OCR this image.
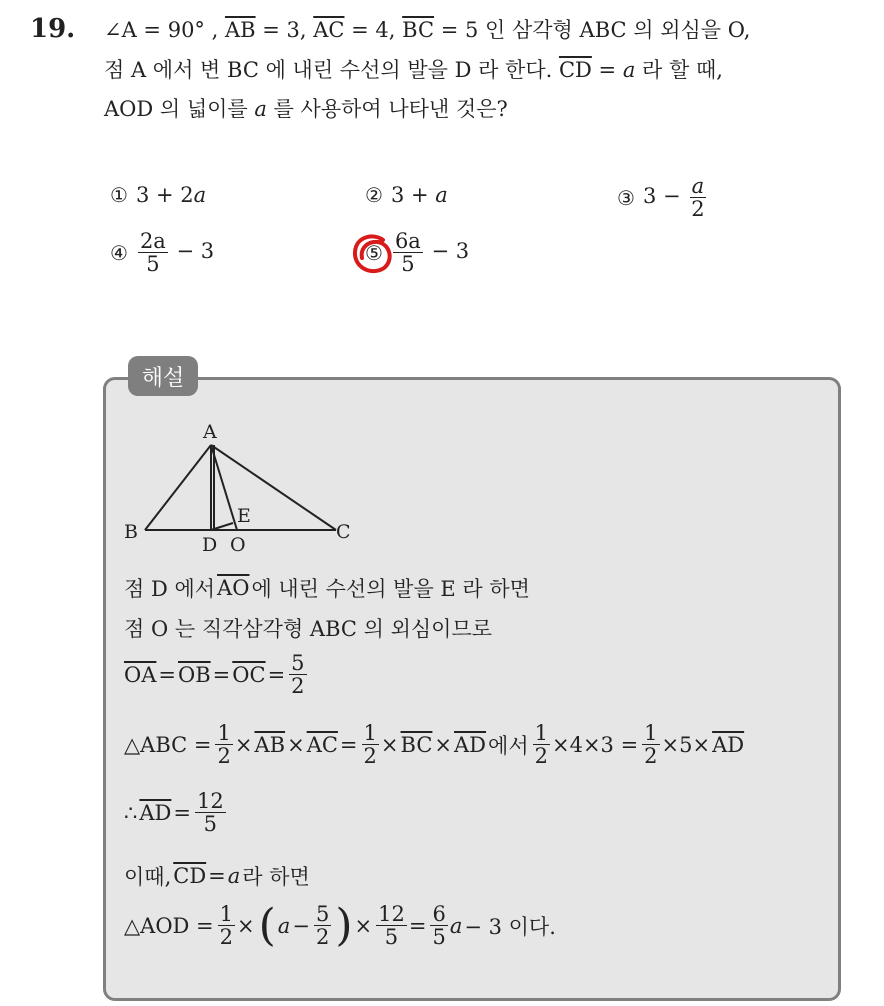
19. ∠A = 90° , $\overline{AB} = 3$, $\overline{AC} = 4$, $\overline{BC} = 5$ 인 삼각형 ABC 의 외심을 O,
점 A 에서 변 BC 에 내린 수선의 발을 D 라 한다. $\overline{CD} = a$ 라 할 때,
AOD 의 넓이를 a 를 사용하여 나타낸 것은?
① 3 + 2a	② 3 + a	③ $3 - \frac{a}{2}$
④ $\frac{2a}{5} - 3$	⑤ $\frac{6a}{5} - 3$
해설
A
B	C
D O
E
점 D 에서 $\overline{AO}$ 에 내린 수선의 발을 E 라 하면
점 O 는 직각삼각형 ABC 의 외심이므로
$\overline{OA} = \overline{OB} = \overline{OC} = \frac{5}{2}$
△ABC = $\frac{1}{2} \times \overline{AB} \times \overline{AC} = \frac{1}{2} \times \overline{BC} \times \overline{AD}$ 에서 $\frac{1}{2} \times 4\times 3 = \frac{1}{2} \times 5\times \overline{AD}$
∴ $\overline{AD} = \frac{12}{5}$
이때, $\overline{CD} = a$ 라 하면
△AOD = $\frac{1}{2}$ × ( $a - \frac{5}{2}$ ) × $\frac{12}{5} = \frac{6}{5}$ a − 3 이다.
